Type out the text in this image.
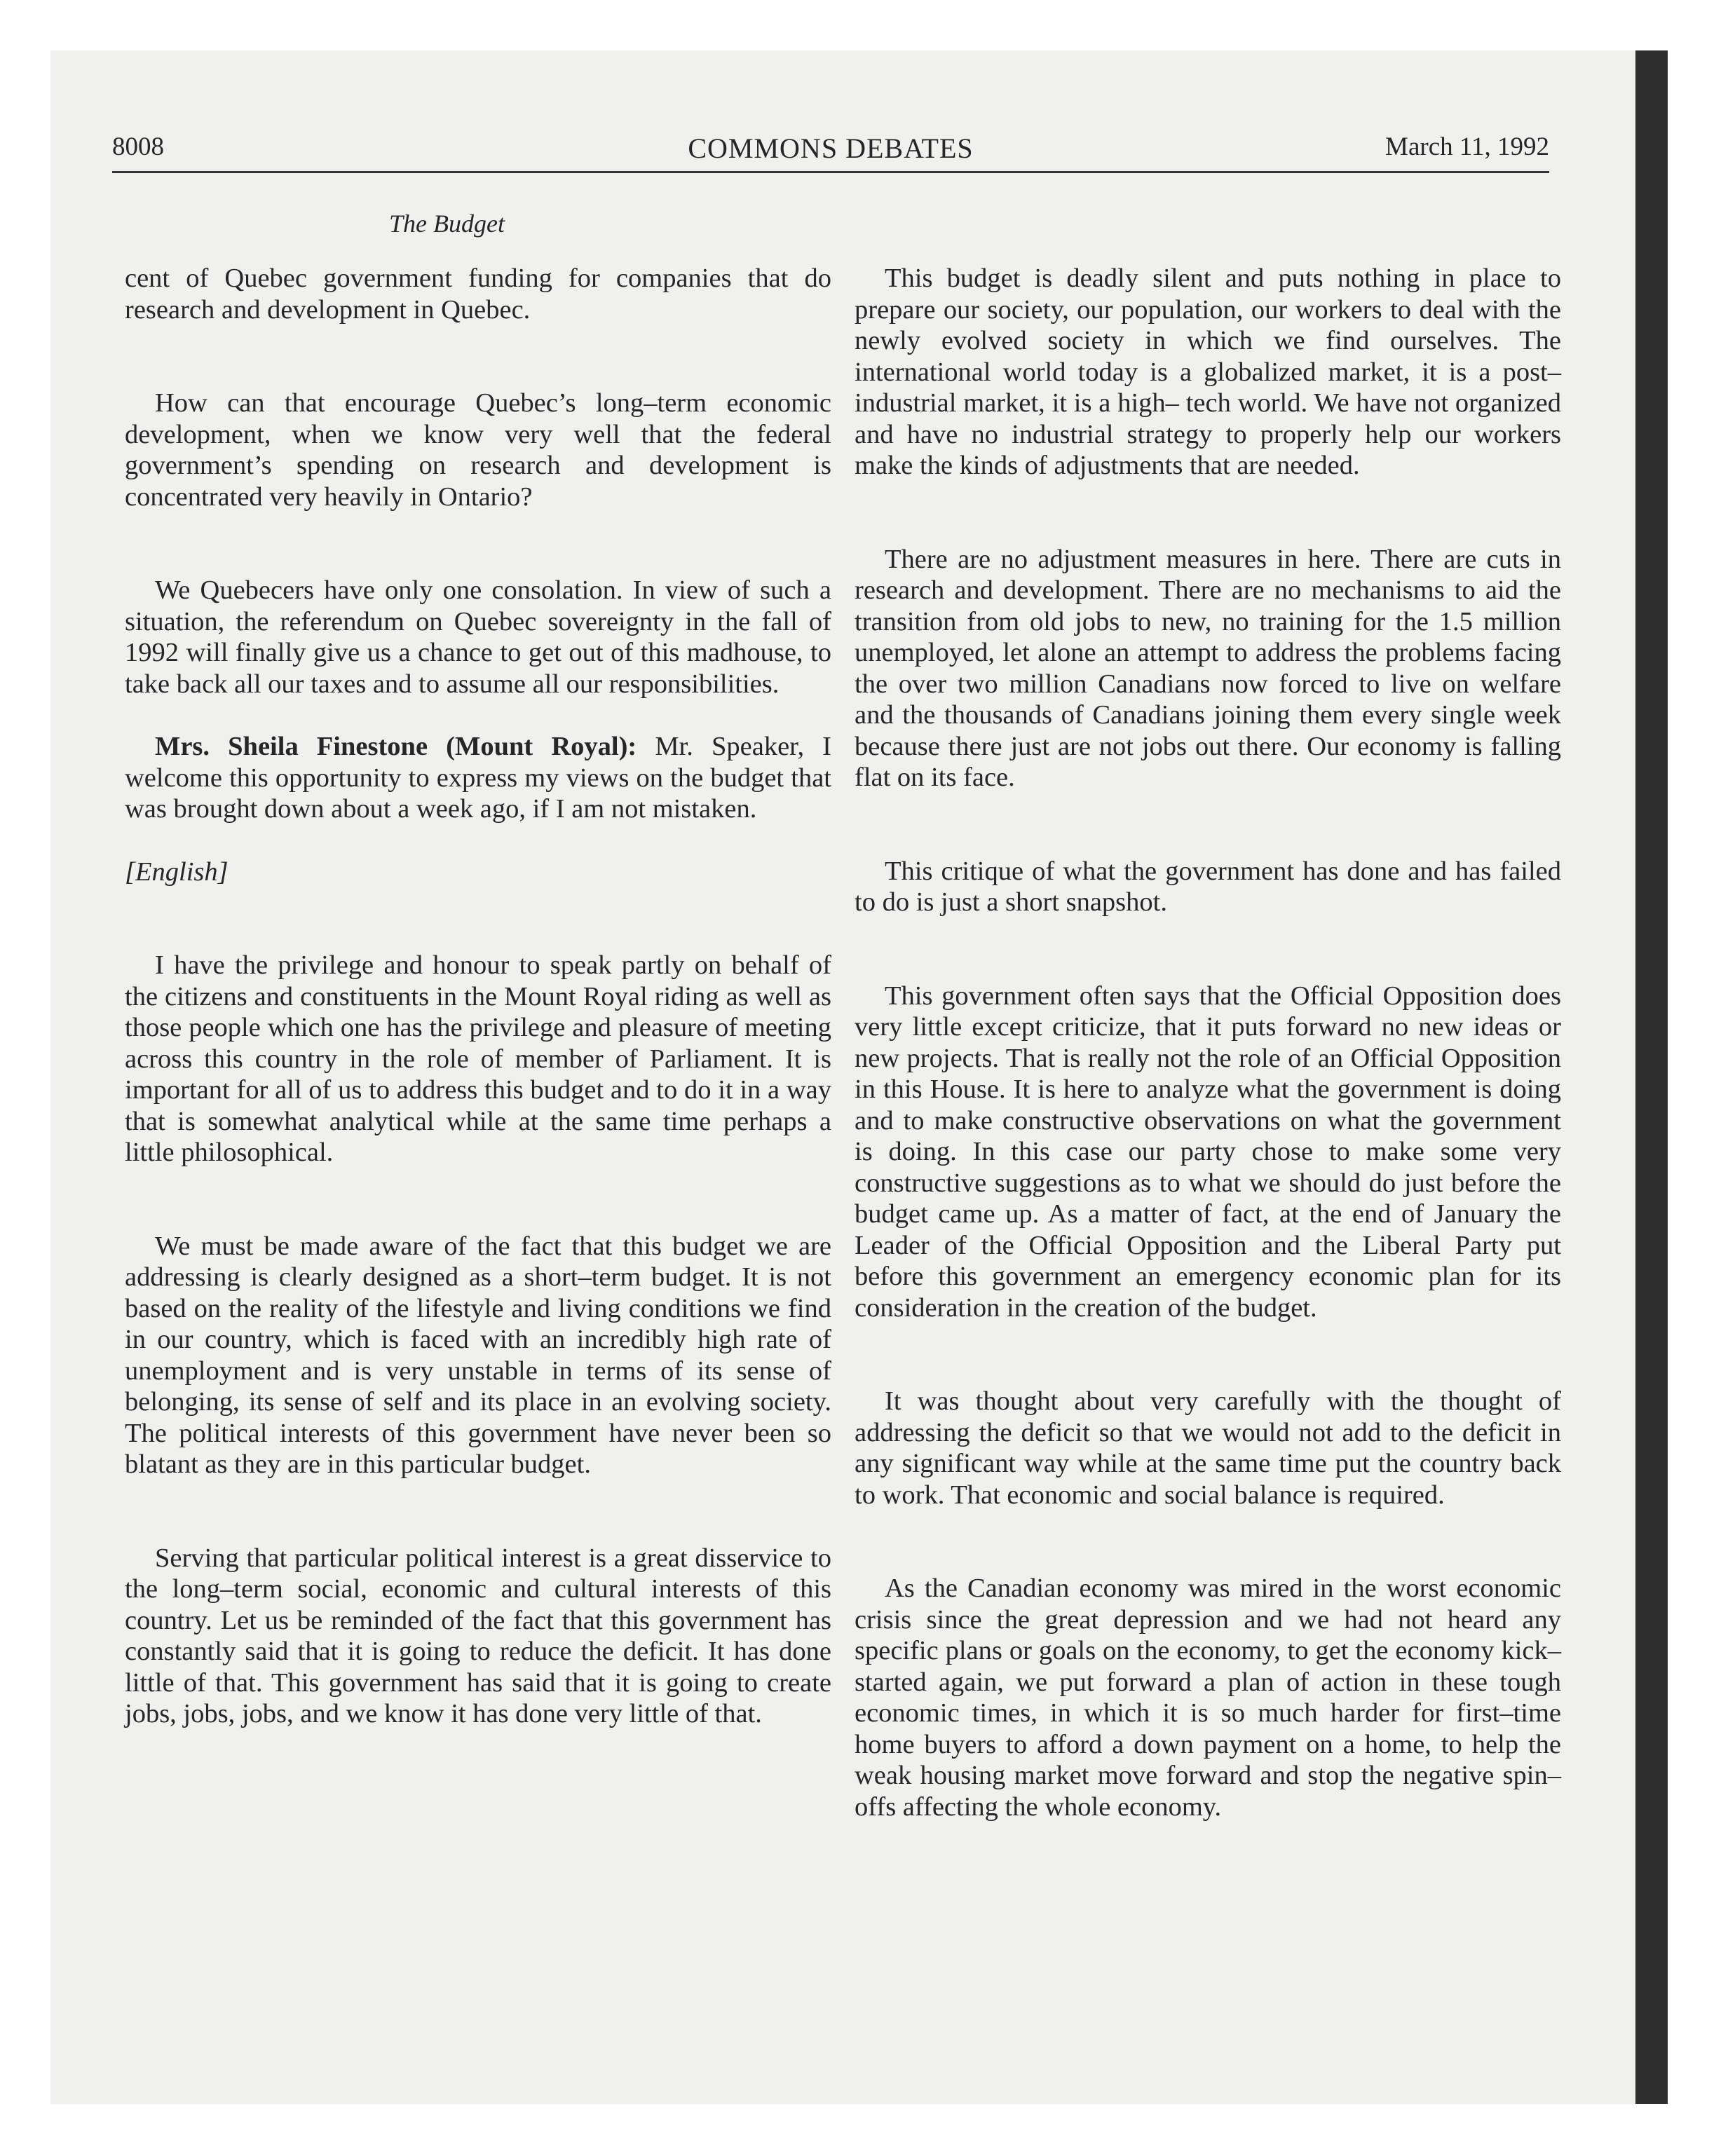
8008	COMMONS DEBATES	March 11, 1992
The Budget

cent of Quebec government funding for companies that do research and development in Quebec.

How can that encourage Quebec’s long–term economic development, when we know very well that the federal government’s spending on research and development is concentrated very heavily in Ontario?

We Quebecers have only one consolation. In view of such a situation, the referendum on Quebec sovereignty in the fall of 1992 will finally give us a chance to get out of this madhouse, to take back all our taxes and to assume all our responsibilities.

Mrs. Sheila Finestone (Mount Royal): Mr. Speaker, I welcome this opportunity to express my views on the budget that was brought down about a week ago, if I am not mistaken.

[English]

I have the privilege and honour to speak partly on behalf of the citizens and constituents in the Mount Royal riding as well as those people which one has the privilege and pleasure of meeting across this country in the role of member of Parliament. It is important for all of us to address this budget and to do it in a way that is somewhat analytical while at the same time perhaps a little philosophical.

We must be made aware of the fact that this budget we are addressing is clearly designed as a short–term budget. It is not based on the reality of the lifestyle and living conditions we find in our country, which is faced with an incredibly high rate of unemployment and is very unstable in terms of its sense of belonging, its sense of self and its place in an evolving society. The political interests of this government have never been so blatant as they are in this particular budget.

Serving that particular political interest is a great disservice to the long–term social, economic and cultural interests of this country. Let us be reminded of the fact that this government has constantly said that it is going to reduce the deficit. It has done little of that. This government has said that it is going to create jobs, jobs, jobs, and we know it has done very little of that.

This budget is deadly silent and puts nothing in place to prepare our society, our population, our workers to deal with the newly evolved society in which we find ourselves. The international world today is a globalized market, it is a post–industrial market, it is a high– tech world. We have not organized and have no industrial strategy to properly help our workers make the kinds of adjustments that are needed.

There are no adjustment measures in here. There are cuts in research and development. There are no mechanisms to aid the transition from old jobs to new, no training for the 1.5 million unemployed, let alone an attempt to address the problems facing the over two million Canadians now forced to live on welfare and the thousands of Canadians joining them every single week because there just are not jobs out there. Our economy is falling flat on its face.

This critique of what the government has done and has failed to do is just a short snapshot.

This government often says that the Official Opposition does very little except criticize, that it puts forward no new ideas or new projects. That is really not the role of an Official Opposition in this House. It is here to analyze what the government is doing and to make constructive observations on what the government is doing. In this case our party chose to make some very constructive suggestions as to what we should do just before the budget came up. As a matter of fact, at the end of January the Leader of the Official Opposition and the Liberal Party put before this government an emergency economic plan for its consideration in the creation of the budget.

It was thought about very carefully with the thought of addressing the deficit so that we would not add to the deficit in any significant way while at the same time put the country back to work. That economic and social balance is required.

As the Canadian economy was mired in the worst economic crisis since the great depression and we had not heard any specific plans or goals on the economy, to get the economy kick–started again, we put forward a plan of action in these tough economic times, in which it is so much harder for first–time home buyers to afford a down payment on a home, to help the weak housing market move forward and stop the negative spin–offs affecting the whole economy.
